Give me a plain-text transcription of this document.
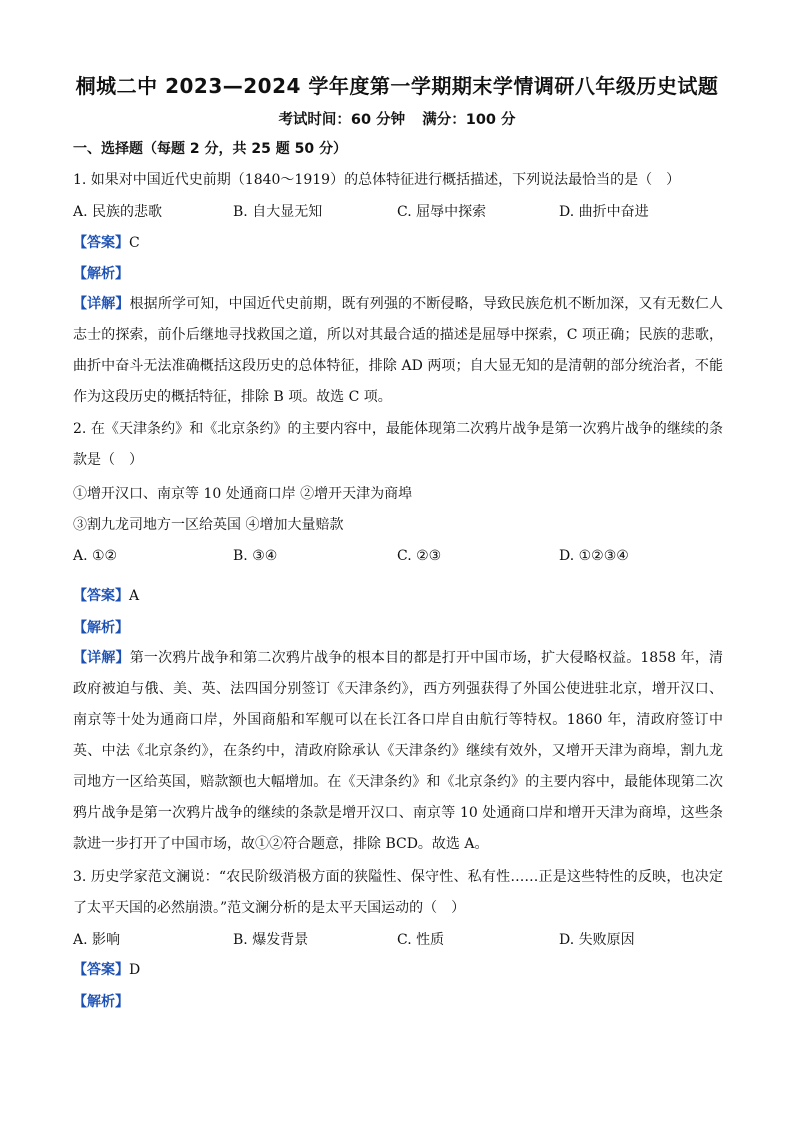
桐城二中 2023—2024 学年度第一学期期末学情调研八年级历史试题
考试时间：60 分钟 满分：100 分
一、选择题（每题 2 分，共 25 题 50 分）
1. 如果对中国近代史前期（1840～1919）的总体特征进行概括描述，下列说法最恰当的是（　）
A. 民族的悲歌	B. 自大显无知	C. 屈辱中探索	D. 曲折中奋进
【答案】C
【解析】
【详解】根据所学可知，中国近代史前期，既有列强的不断侵略，导致民族危机不断加深，又有无数仁人志士的探索，前仆后继地寻找救国之道，所以对其最合适的描述是屈辱中探索，C 项正确；民族的悲歌，曲折中奋斗无法准确概括这段历史的总体特征，排除 AD 两项；自大显无知的是清朝的部分统治者，不能作为这段历史的概括特征，排除 B 项。故选 C 项。
2. 在《天津条约》和《北京条约》的主要内容中，最能体现第二次鸦片战争是第一次鸦片战争的继续的条款是（　）
①增开汉口、南京等 10 处通商口岸 ②增开天津为商埠
③割九龙司地方一区给英国 ④增加大量赔款
A. ①②	B. ③④	C. ②③	D. ①②③④
【答案】A
【解析】
【详解】第一次鸦片战争和第二次鸦片战争的根本目的都是打开中国市场，扩大侵略权益。1858 年，清政府被迫与俄、美、英、法四国分别签订《天津条约》，西方列强获得了外国公使进驻北京，增开汉口、南京等十处为通商口岸，外国商船和军舰可以在长江各口岸自由航行等特权。1860 年，清政府签订中英、中法《北京条约》，在条约中，清政府除承认《天津条约》继续有效外，又增开天津为商埠，割九龙司地方一区给英国，赔款额也大幅增加。在《天津条约》和《北京条约》的主要内容中，最能体现第二次鸦片战争是第一次鸦片战争的继续的条款是增开汉口、南京等 10 处通商口岸和增开天津为商埠，这些条款进一步打开了中国市场，故①②符合题意，排除 BCD。故选 A。
3. 历史学家范文澜说：“农民阶级消极方面的狭隘性、保守性、私有性……正是这些特性的反映，也决定了太平天国的必然崩溃。”范文澜分析的是太平天国运动的（　）
A. 影响	B. 爆发背景	C. 性质	D. 失败原因
【答案】D
【解析】
